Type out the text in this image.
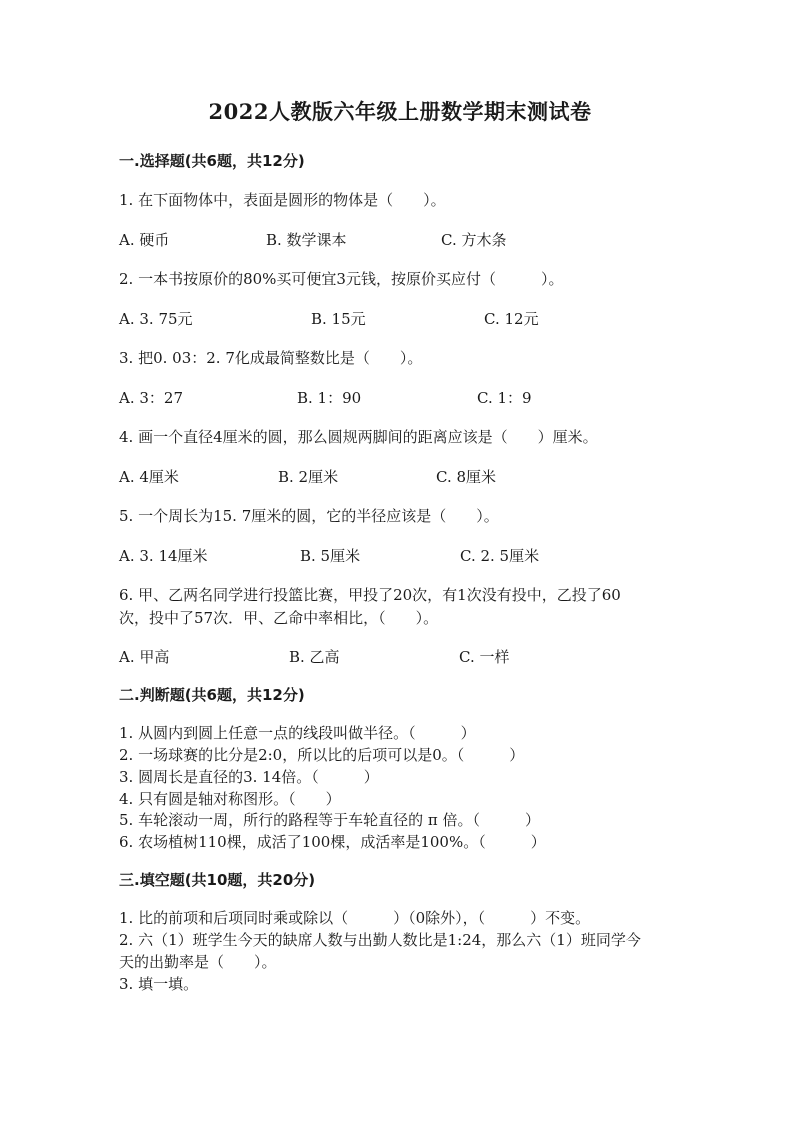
2022人教版六年级上册数学期末测试卷
一.选择题(共6题，共12分)
1. 在下面物体中，表面是圆形的物体是（　　）。
A. 硬币	B. 数学课本	C. 方木条
2. 一本书按原价的80%买可便宜3元钱，按原价买应付（　　　）。
A. 3. 75元	B. 15元	C. 12元
3. 把0. 03：2. 7化成最简整数比是（　　）。
A. 3：27	B. 1：90	C. 1：9
4. 画一个直径4厘米的圆，那么圆规两脚间的距离应该是（　　）厘米。
A. 4厘米	B. 2厘米	C. 8厘米
5. 一个周长为15. 7厘米的圆，它的半径应该是（　　）。
A. 3. 14厘米	B. 5厘米	C. 2. 5厘米
6. 甲、乙两名同学进行投篮比赛，甲投了20次，有1次没有投中，乙投了60
次，投中了57次．甲、乙命中率相比，（　　）。
A. 甲高	B. 乙高	C. 一样
二.判断题(共6题，共12分)
1. 从圆内到圆上任意一点的线段叫做半径。（　　　）
2. 一场球赛的比分是2:0，所以比的后项可以是0。（　　　）
3. 圆周长是直径的3. 14倍。（　　　）
4. 只有圆是轴对称图形。（　　）
5. 车轮滚动一周，所行的路程等于车轮直径的 π 倍。（　　　）
6. 农场植树110棵，成活了100棵，成活率是100%。（　　　）
三.填空题(共10题，共20分)
1. 比的前项和后项同时乘或除以（　　　）（0除外），（　　　）不变。
2. 六（1）班学生今天的缺席人数与出勤人数比是1:24，那么六（1）班同学今
天的出勤率是（　　）。
3. 填一填。
